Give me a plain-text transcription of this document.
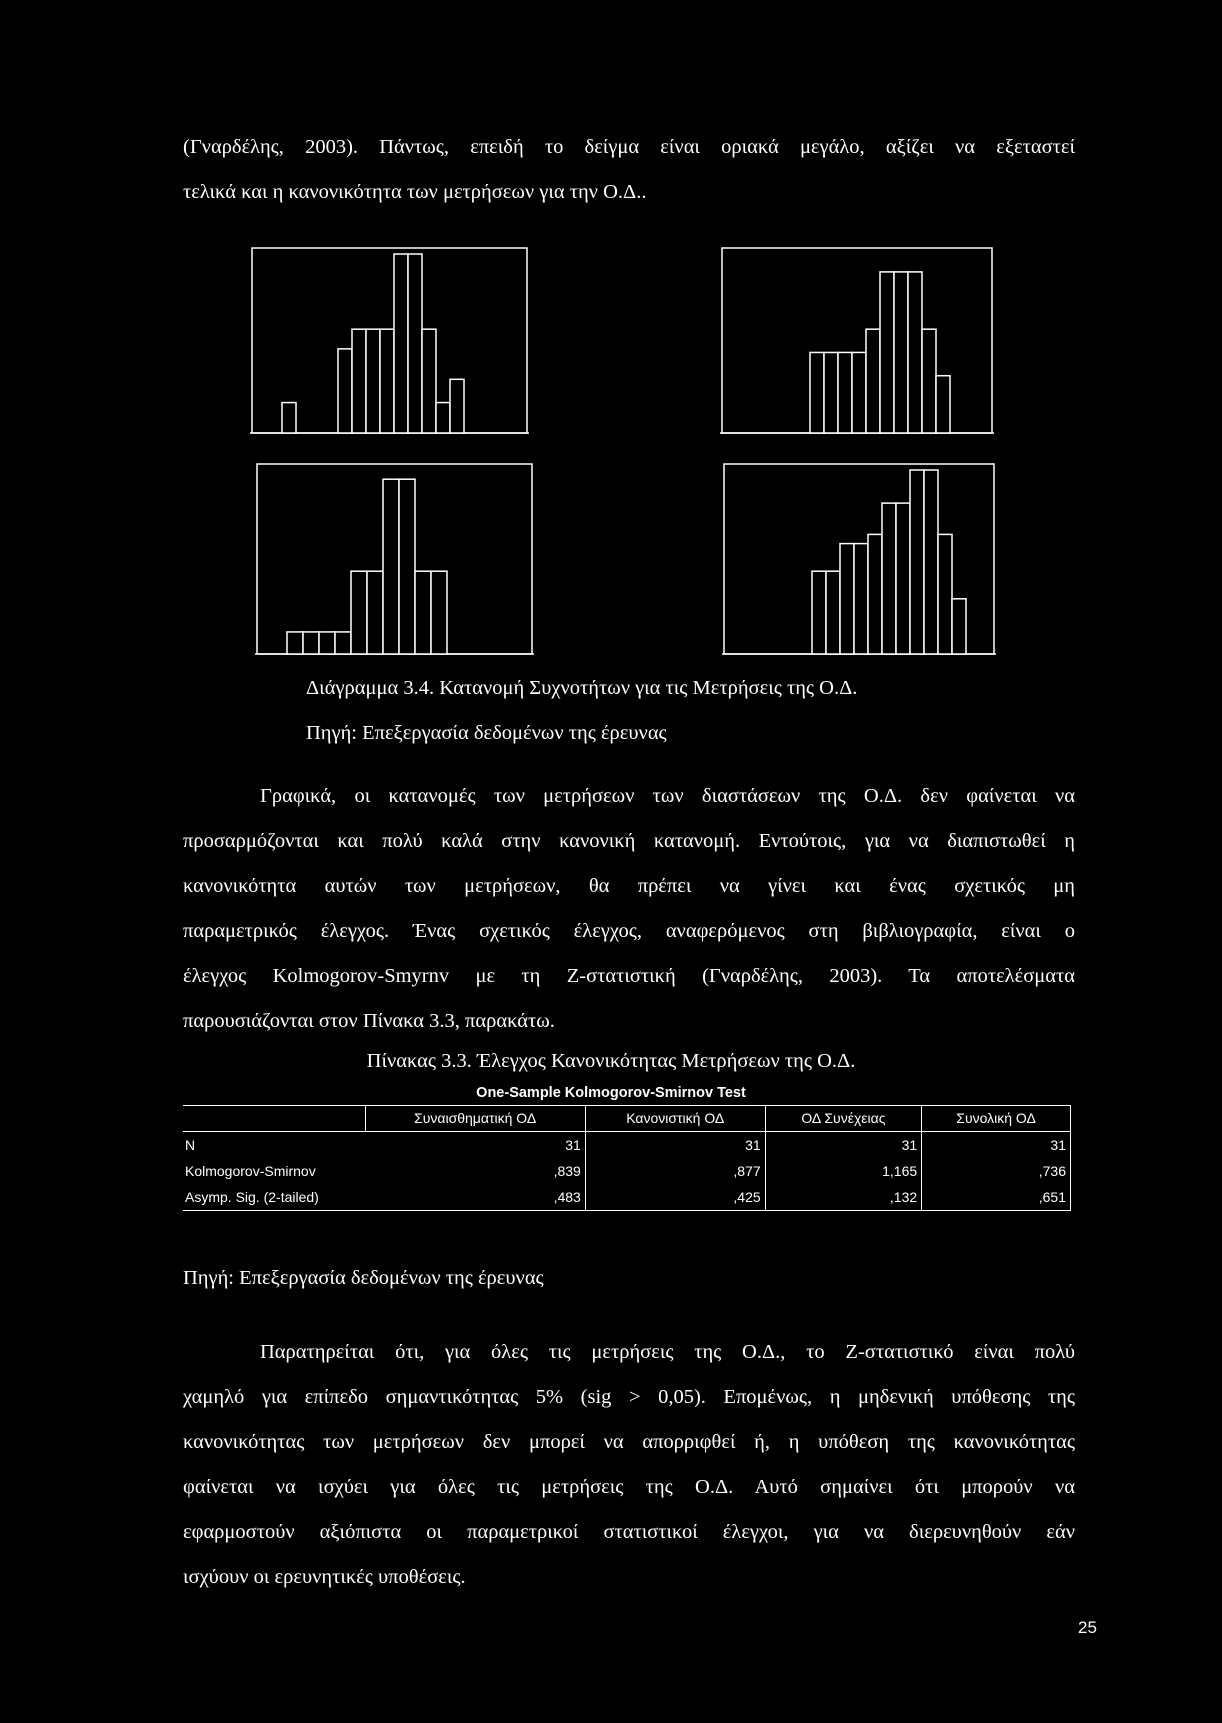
(Γναρδέλης, 2003). Πάντως, επειδή το δείγμα είναι οριακά μεγάλο, αξίζει να εξεταστεί
τελικά και η κανονικότητα των μετρήσεων για την Ο.Δ..
Διάγραμμα 3.4. Κατανομή Συχνοτήτων για τις Μετρήσεις της Ο.Δ.
Πηγή: Επεξεργασία δεδομένων της έρευνας
Γραφικά, οι κατανομές των μετρήσεων των διαστάσεων της Ο.Δ. δεν φαίνεται να
προσαρμόζονται και πολύ καλά στην κανονική κατανομή. Εντούτοις, για να διαπιστωθεί η
κανονικότητα αυτών των μετρήσεων, θα πρέπει να γίνει και ένας σχετικός μη
παραμετρικός έλεγχος. Ένας σχετικός έλεγχος, αναφερόμενος στη βιβλιογραφία, είναι ο
έλεγχος Kolmogorov-Smyrnv με τη Ζ-στατιστική (Γναρδέλης, 2003). Τα αποτελέσματα
παρουσιάζονται στον Πίνακα 3.3, παρακάτω.
Πίνακας 3.3. Έλεγχος Κανονικότητας Μετρήσεων της Ο.Δ.
One-Sample Kolmogorov-Smirnov Test
	Συναισθηματική ΟΔ	Κανονιστική ΟΔ	ΟΔ Συνέχειας	Συνολική ΟΔ
N	31	31	31	31
Kolmogorov-Smirnov	,839	,877	1,165	,736
Asymp. Sig. (2-tailed)	,483	,425	,132	,651
Πηγή: Επεξεργασία δεδομένων της έρευνας
Παρατηρείται ότι, για όλες τις μετρήσεις της Ο.Δ., το Ζ-στατιστικό είναι πολύ
χαμηλό για επίπεδο σημαντικότητας 5% (sig > 0,05). Επομένως, η μηδενική υπόθεσης της
κανονικότητας των μετρήσεων δεν μπορεί να απορριφθεί ή, η υπόθεση της κανονικότητας
φαίνεται να ισχύει για όλες τις μετρήσεις της Ο.Δ. Αυτό σημαίνει ότι μπορούν να
εφαρμοστούν αξιόπιστα οι παραμετρικοί στατιστικοί έλεγχοι, για να διερευνηθούν εάν
ισχύουν οι ερευνητικές υποθέσεις.
25
